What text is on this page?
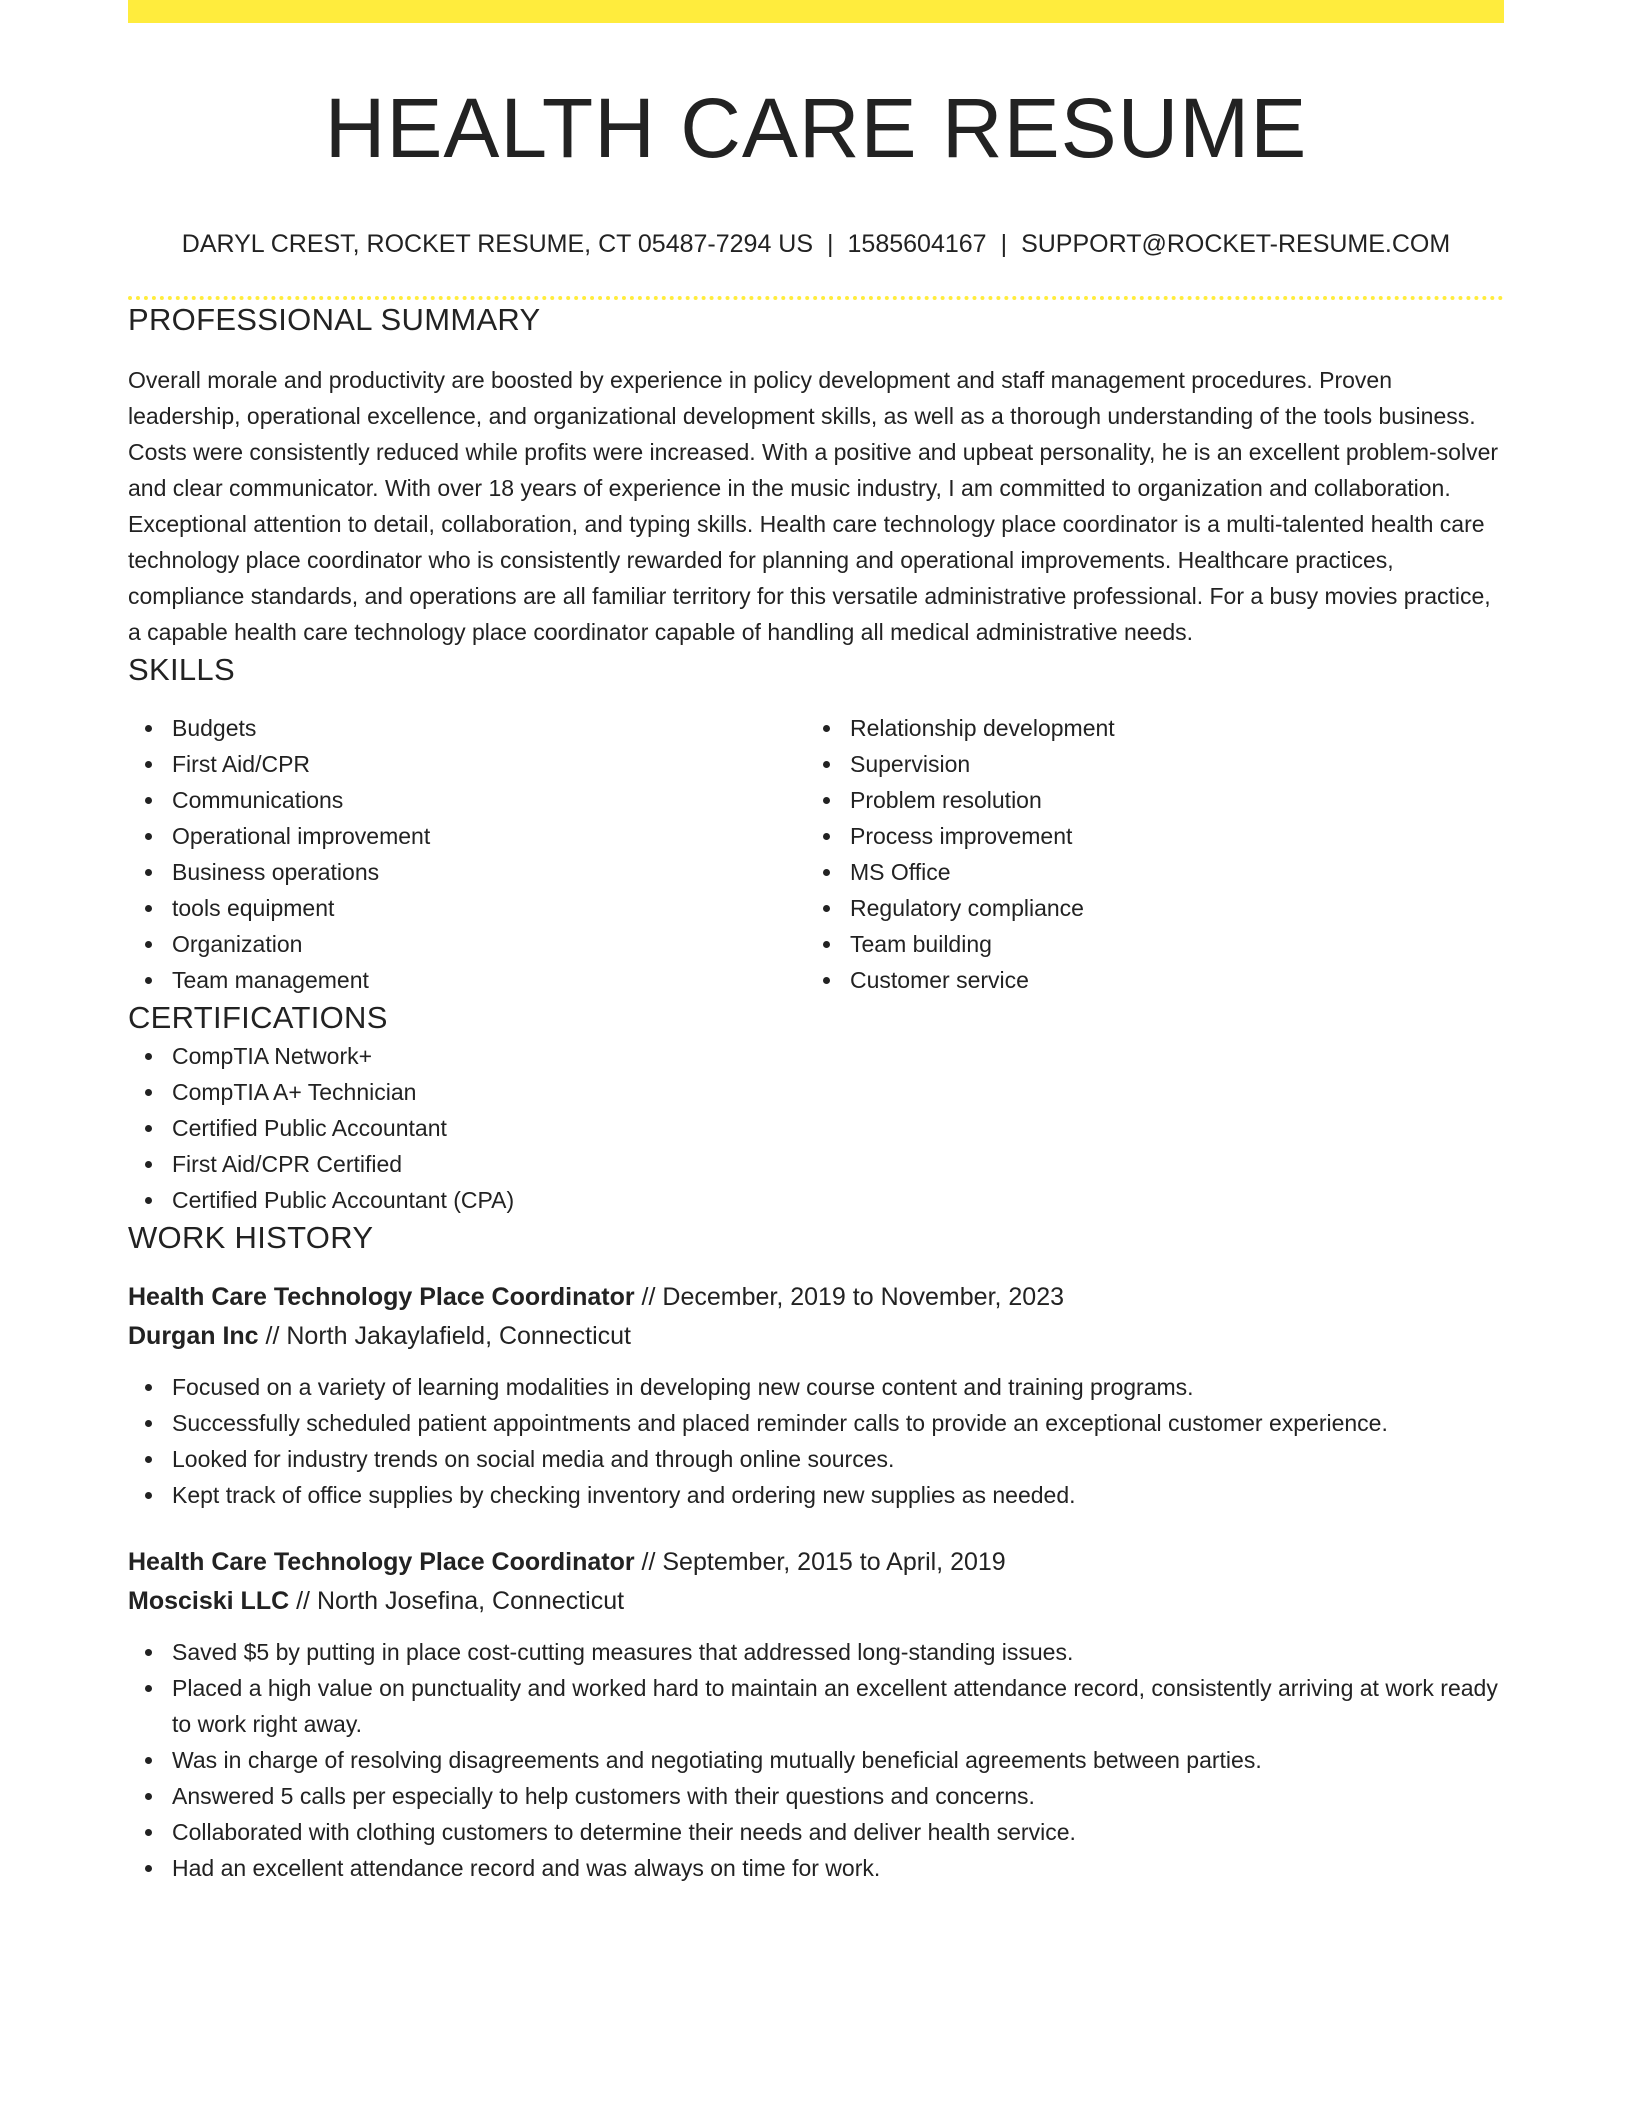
HEALTH CARE RESUME
DARYL CREST, ROCKET RESUME, CT 05487-7294 US | 1585604167 | SUPPORT@ROCKET-RESUME.COM
PROFESSIONAL SUMMARY

Overall morale and productivity are boosted by experience in policy development and staff management procedures. Proven leadership, operational excellence, and organizational development skills, as well as a thorough understanding of the tools business. Costs were consistently reduced while profits were increased. With a positive and upbeat personality, he is an excellent problem-solver and clear communicator. With over 18 years of experience in the music industry, I am committed to organization and collaboration. Exceptional attention to detail, collaboration, and typing skills. Health care technology place coordinator is a multi-talented health care technology place coordinator who is consistently rewarded for planning and operational improvements. Healthcare practices, compliance standards, and operations are all familiar territory for this versatile administrative professional. For a busy movies practice, a capable health care technology place coordinator capable of handling all medical administrative needs.

SKILLS
Budgets
First Aid/CPR
Communications
Operational improvement
Business operations
tools equipment
Organization
Team management
Relationship development
Supervision
Problem resolution
Process improvement
MS Office
Regulatory compliance
Team building
Customer service
CERTIFICATIONS
CompTIA Network+
CompTIA A+ Technician
Certified Public Accountant
First Aid/CPR Certified
Certified Public Accountant (CPA)
WORK HISTORY
Health Care Technology Place Coordinator // December, 2019 to November, 2023
Durgan Inc // North Jakaylafield, Connecticut
Focused on a variety of learning modalities in developing new course content and training programs.
Successfully scheduled patient appointments and placed reminder calls to provide an exceptional customer experience.
Looked for industry trends on social media and through online sources.
Kept track of office supplies by checking inventory and ordering new supplies as needed.
Health Care Technology Place Coordinator // September, 2015 to April, 2019
Mosciski LLC // North Josefina, Connecticut
Saved $5 by putting in place cost-cutting measures that addressed long-standing issues.
Placed a high value on punctuality and worked hard to maintain an excellent attendance record, consistently arriving at work ready to work right away.
Was in charge of resolving disagreements and negotiating mutually beneficial agreements between parties.
Answered 5 calls per especially to help customers with their questions and concerns.
Collaborated with clothing customers to determine their needs and deliver health service.
Had an excellent attendance record and was always on time for work.
